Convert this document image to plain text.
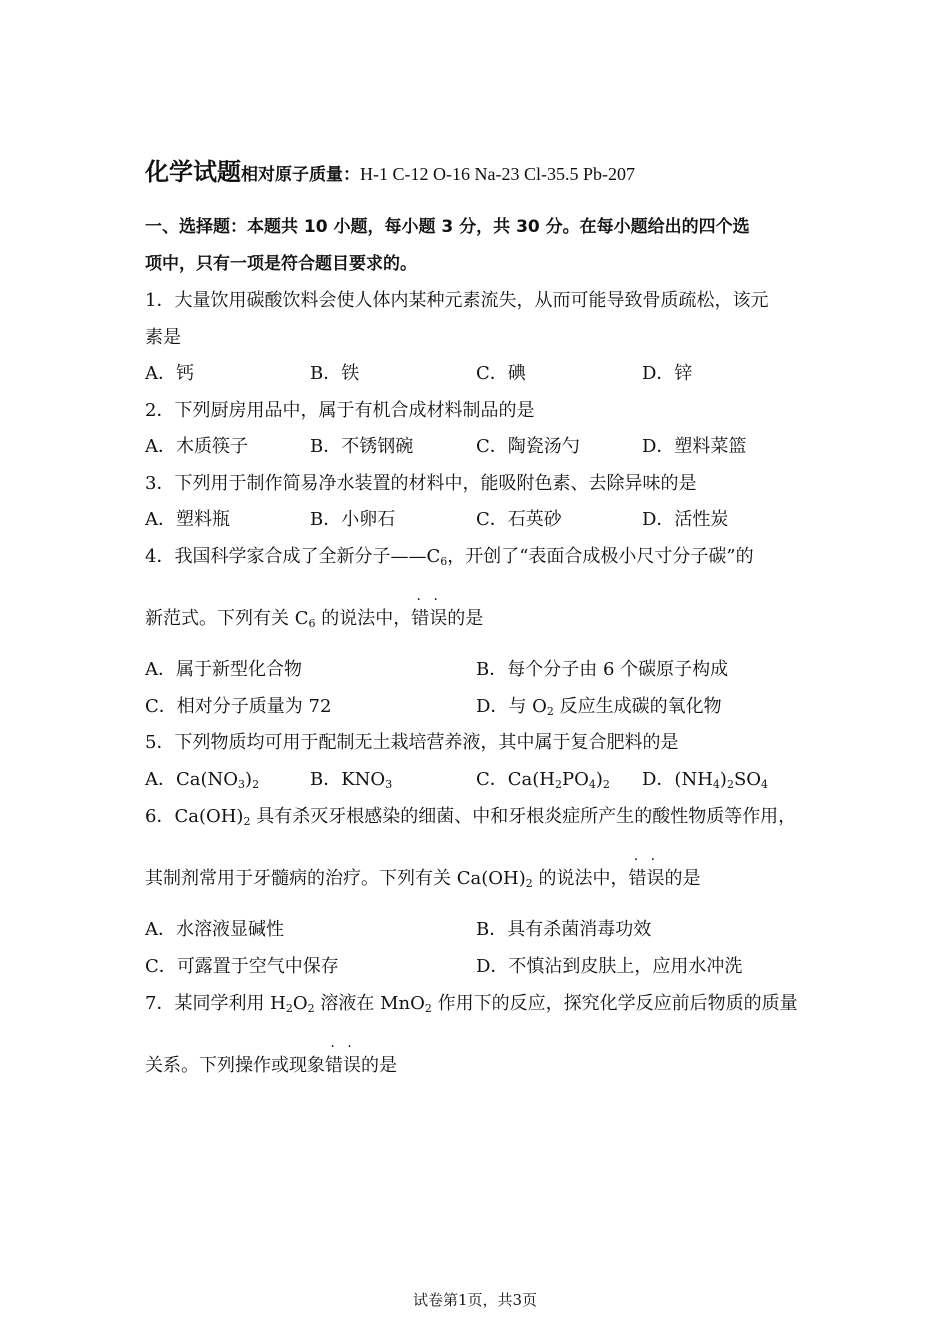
化学试题相对原子质量：H-1 C-12 O-16 Na-23 Cl-35.5 Pb-207
一、选择题：本题共 10 小题，每小题 3 分，共 30 分。在每小题给出的四个选
项中，只有一项是符合题目要求的。
1．大量饮用碳酸饮料会使人体内某种元素流失，从而可能导致骨质疏松，该元
素是
A．钙	B．铁	C．碘	D．锌
2．下列厨房用品中，属于有机合成材料制品的是
A．木质筷子	B．不锈钢碗	C．陶瓷汤勺	D．塑料菜篮
3．下列用于制作简易净水装置的材料中，能吸附色素、去除异味的是
A．塑料瓶	B．小卵石	C．石英砂	D．活性炭
4．我国科学家合成了全新分子$——C_6$，开创了“表面合成极小尺寸分子碳”的
新范式。下列有关 $C_6$ 的说法中，
· ·
错误的是
A．属于新型化合物	B．每个分子由 6 个碳原子构成
C．相对分子质量为 72	D．与 $O_2$ 反应生成碳的氧化物
5．下列物质均可用于配制无土栽培营养液，其中属于复合肥料的是
A．$Ca(NO_3)_2$	B．$KNO_3$	C．$Ca(H_2PO_4)_2$ D．$(NH_4)_2SO_4$
6．$Ca(OH)_2$ 具有杀灭牙根感染的细菌、中和牙根炎症所产生的酸性物质等作用，
其制剂常用于牙髓病的治疗。下列有关 $Ca(OH)_2$ 的说法中，
· ·
错误的是
A．水溶液显碱性	B．具有杀菌消毒功效
C．可露置于空气中保存	D．不慎沾到皮肤上，应用水冲洗
7．某同学利用 $H_2O_2$ 溶液在 MnO$_2$ 作用下的反应，探究化学反应前后物质的质量
关系。下列操作或现象
· ·
错误的是
试卷第1页，共3页
